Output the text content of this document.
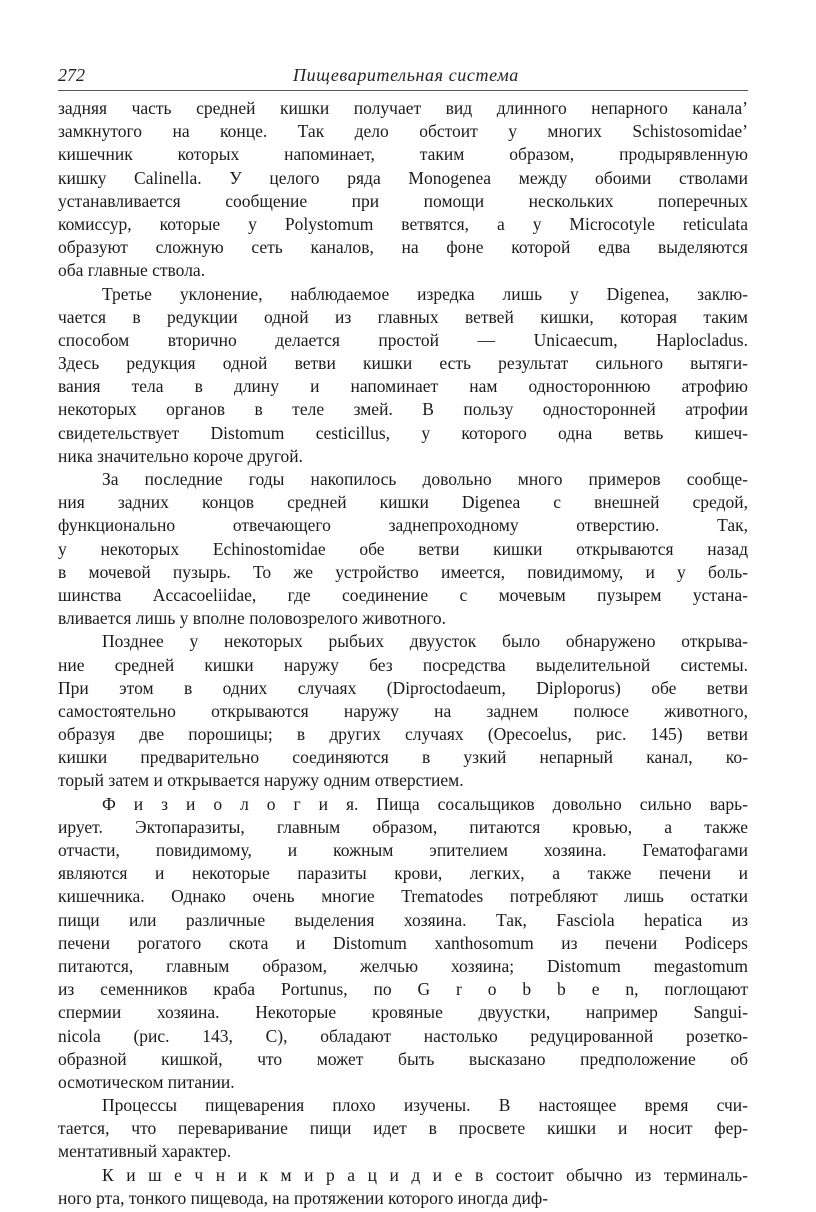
272	Пищеварительная система
задняя часть средней кишки получает вид длинного непарного канала’
замкнутого на конце. Так дело обстоит у многих Schistosomidae’
кишечник которых напоминает, таким образом, продырявленную
кишку Calinella. У целого ряда Monogenea между обоими стволами
устанавливается сообщение при помощи нескольких поперечных
комиссур, которые у Polystomum ветвятся, а у Microcotyle reticulata
образуют сложную сеть каналов, на фоне которой едва выделяются
оба главные ствола.
Третье уклонение, наблюдаемое изредка лишь у Digenea, заклю-
чается в редукции одной из главных ветвей кишки, которая таким
способом вторично делается простой — Unicaecum, Haplocladus.
Здесь редукция одной ветви кишки есть результат сильного вытяги-
вания тела в длину и напоминает нам одностороннюю атрофию
некоторых органов в теле змей. В пользу односторонней атрофии
свидетельствует Distomum cesticillus, у которого одна ветвь кишеч-
ника значительно короче другой.
За последние годы накопилось довольно много примеров сообще-
ния задних концов средней кишки Digenea с внешней средой,
функционально отвечающего заднепроходному отверстию. Так,
у некоторых Echinostomidae обе ветви кишки открываются назад
в мочевой пузырь. То же устройство имеется, повидимому, и у боль-
шинства Accacoeliidae, где соединение с мочевым пузырем устана-
вливается лишь у вполне половозрелого животного.
Позднее у некоторых рыбьих двуусток было обнаружено открыва-
ние средней кишки наружу без посредства выделительной системы.
При этом в одних случаях (Diproctodaeum, Diploporus) обе ветви
самостоятельно открываются наружу на заднем полюсе животного,
образуя две порошицы; в других случаях (Opecoelus, рис. 145) ветви
кишки предварительно соединяются в узкий непарный канал, ко-
торый затем и открывается наружу одним отверстием.
Ф и з и о л о г и я. Пища сосальщиков довольно сильно варь-
ирует. Эктопаразиты, главным образом, питаются кровью, а также
отчасти, повидимому, и кожным эпителием хозяина. Гематофагами
являются и некоторые паразиты крови, легких, а также печени и
кишечника. Однако очень многие Trematodes потребляют лишь остатки
пищи или различные выделения хозяина. Так, Fasciola hepatica из
печени рогатого скота и Distomum xanthosomum из печени Podiceps
питаются, главным образом, желчью хозяина; Distomum megastomum
из семенников краба Portunus, по G r o b b e n, поглощают
спермии хозяина. Некоторые кровяные двуустки, например Sangui-
nicola (рис. 143, C), обладают настолько редуцированной розетко-
образной кишкой, что может быть высказано предположение об
осмотическом питании.
Процессы пищеварения плохо изучены. В настоящее время счи-
тается, что переваривание пищи идет в просвете кишки и носит фер-
ментативный характер.
К и ш е ч н и к м и р а ц и д и е в состоит обычно из терминаль-
ного рта, тонкого пищевода, на протяжении которого иногда диф-
